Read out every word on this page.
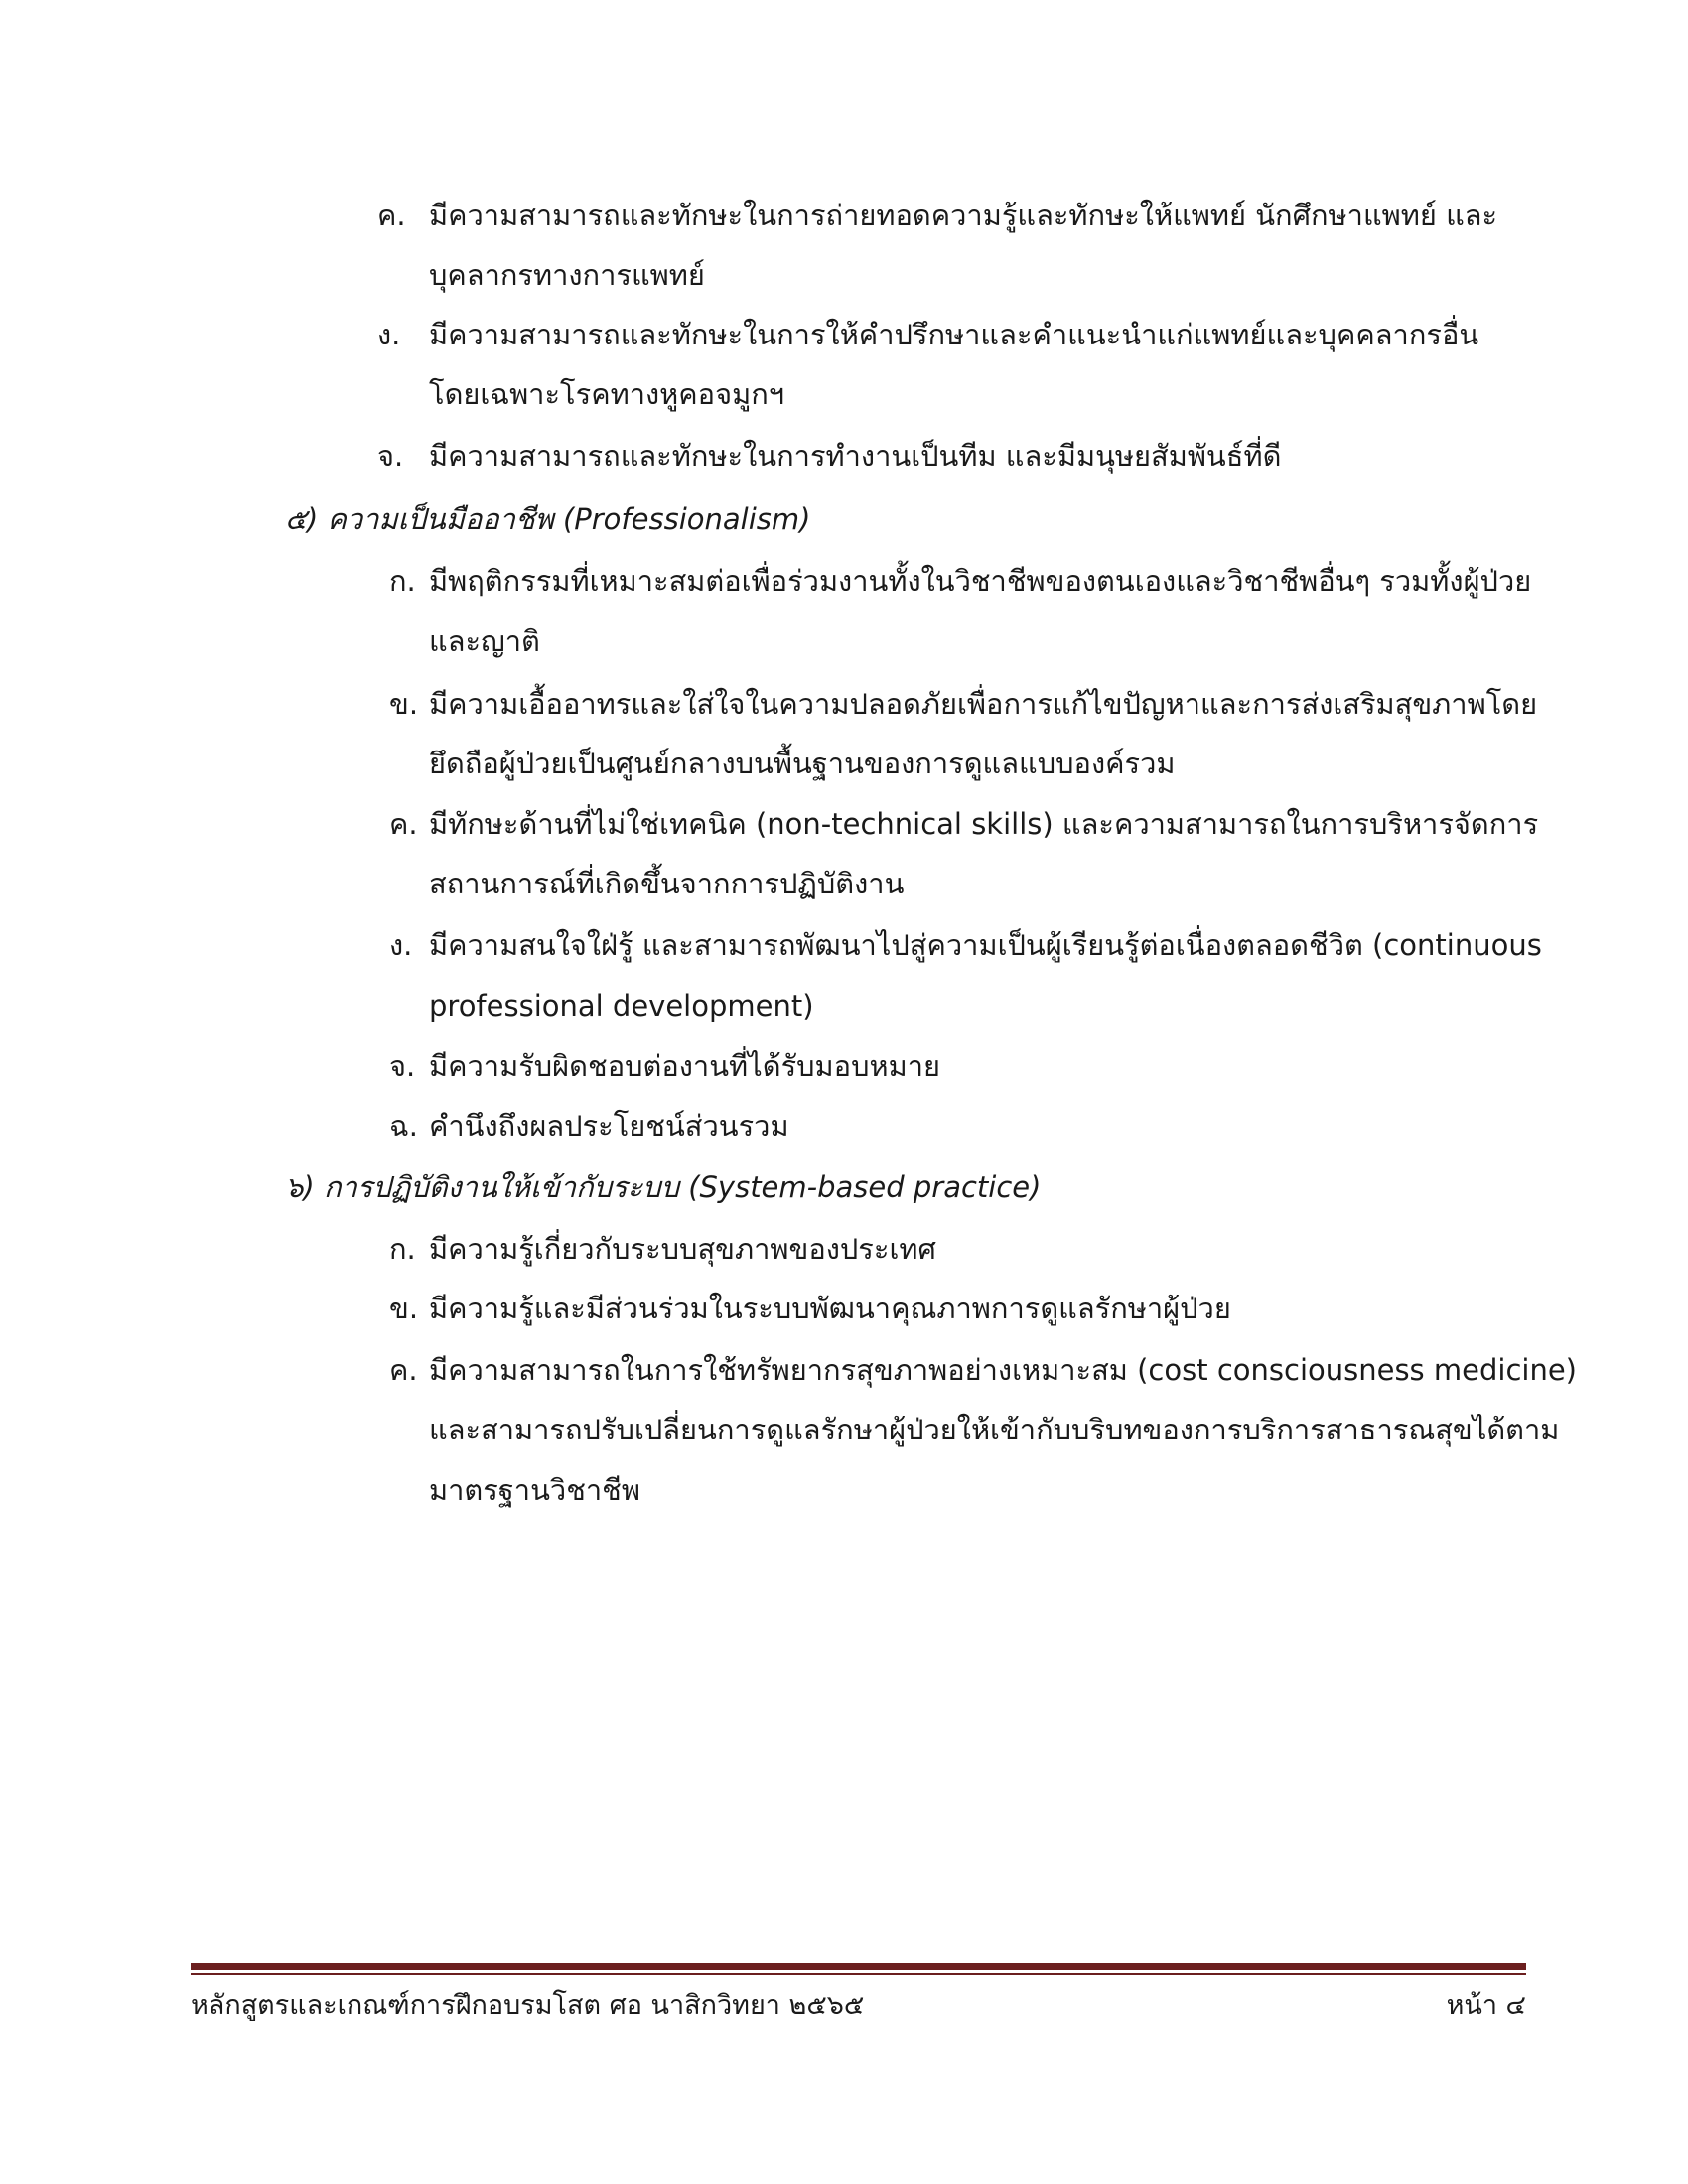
ค. มีความสามารถและทักษะในการถ่ายทอดความรู้และทักษะให้แพทย์ นักศึกษาแพทย์ และ
บุคลากรทางการแพทย์
ง. มีความสามารถและทักษะในการให้คำปรึกษาและคำแนะนำแก่แพทย์และบุคคลากรอื่น
โดยเฉพาะโรคทางหูคอจมูกฯ
จ. มีความสามารถและทักษะในการทำงานเป็นทีม และมีมนุษยสัมพันธ์ที่ดี
๕) ความเป็นมืออาชีพ (Professionalism)
ก. มีพฤติกรรมที่เหมาะสมต่อเพื่อร่วมงานทั้งในวิชาชีพของตนเองและวิชาชีพอื่นๆ รวมทั้งผู้ป่วย
และญาติ
ข. มีความเอื้ออาทรและใส่ใจในความปลอดภัยเพื่อการแก้ไขปัญหาและการส่งเสริมสุขภาพโดย
ยึดถือผู้ป่วยเป็นศูนย์กลางบนพื้นฐานของการดูแลแบบองค์รวม
ค. มีทักษะด้านที่ไม่ใช่เทคนิค (non-technical skills) และความสามารถในการบริหารจัดการ
สถานการณ์ที่เกิดขึ้นจากการปฏิบัติงาน
ง. มีความสนใจใฝ่รู้ และสามารถพัฒนาไปสู่ความเป็นผู้เรียนรู้ต่อเนื่องตลอดชีวิต (continuous
professional development)
จ. มีความรับผิดชอบต่องานที่ได้รับมอบหมาย
ฉ. คำนึงถึงผลประโยชน์ส่วนรวม
๖) การปฏิบัติงานให้เข้ากับระบบ (System-based practice)
ก. มีความรู้เกี่ยวกับระบบสุขภาพของประเทศ
ข. มีความรู้และมีส่วนร่วมในระบบพัฒนาคุณภาพการดูแลรักษาผู้ป่วย
ค. มีความสามารถในการใช้ทรัพยากรสุขภาพอย่างเหมาะสม (cost consciousness medicine)
และสามารถปรับเปลี่ยนการดูแลรักษาผู้ป่วยให้เข้ากับบริบทของการบริการสาธารณสุขได้ตาม
มาตรฐานวิชาชีพ
หลักสูตรและเกณฑ์การฝึกอบรมโสต ศอ นาสิกวิทยา ๒๕๖๕	หน้า ๔
